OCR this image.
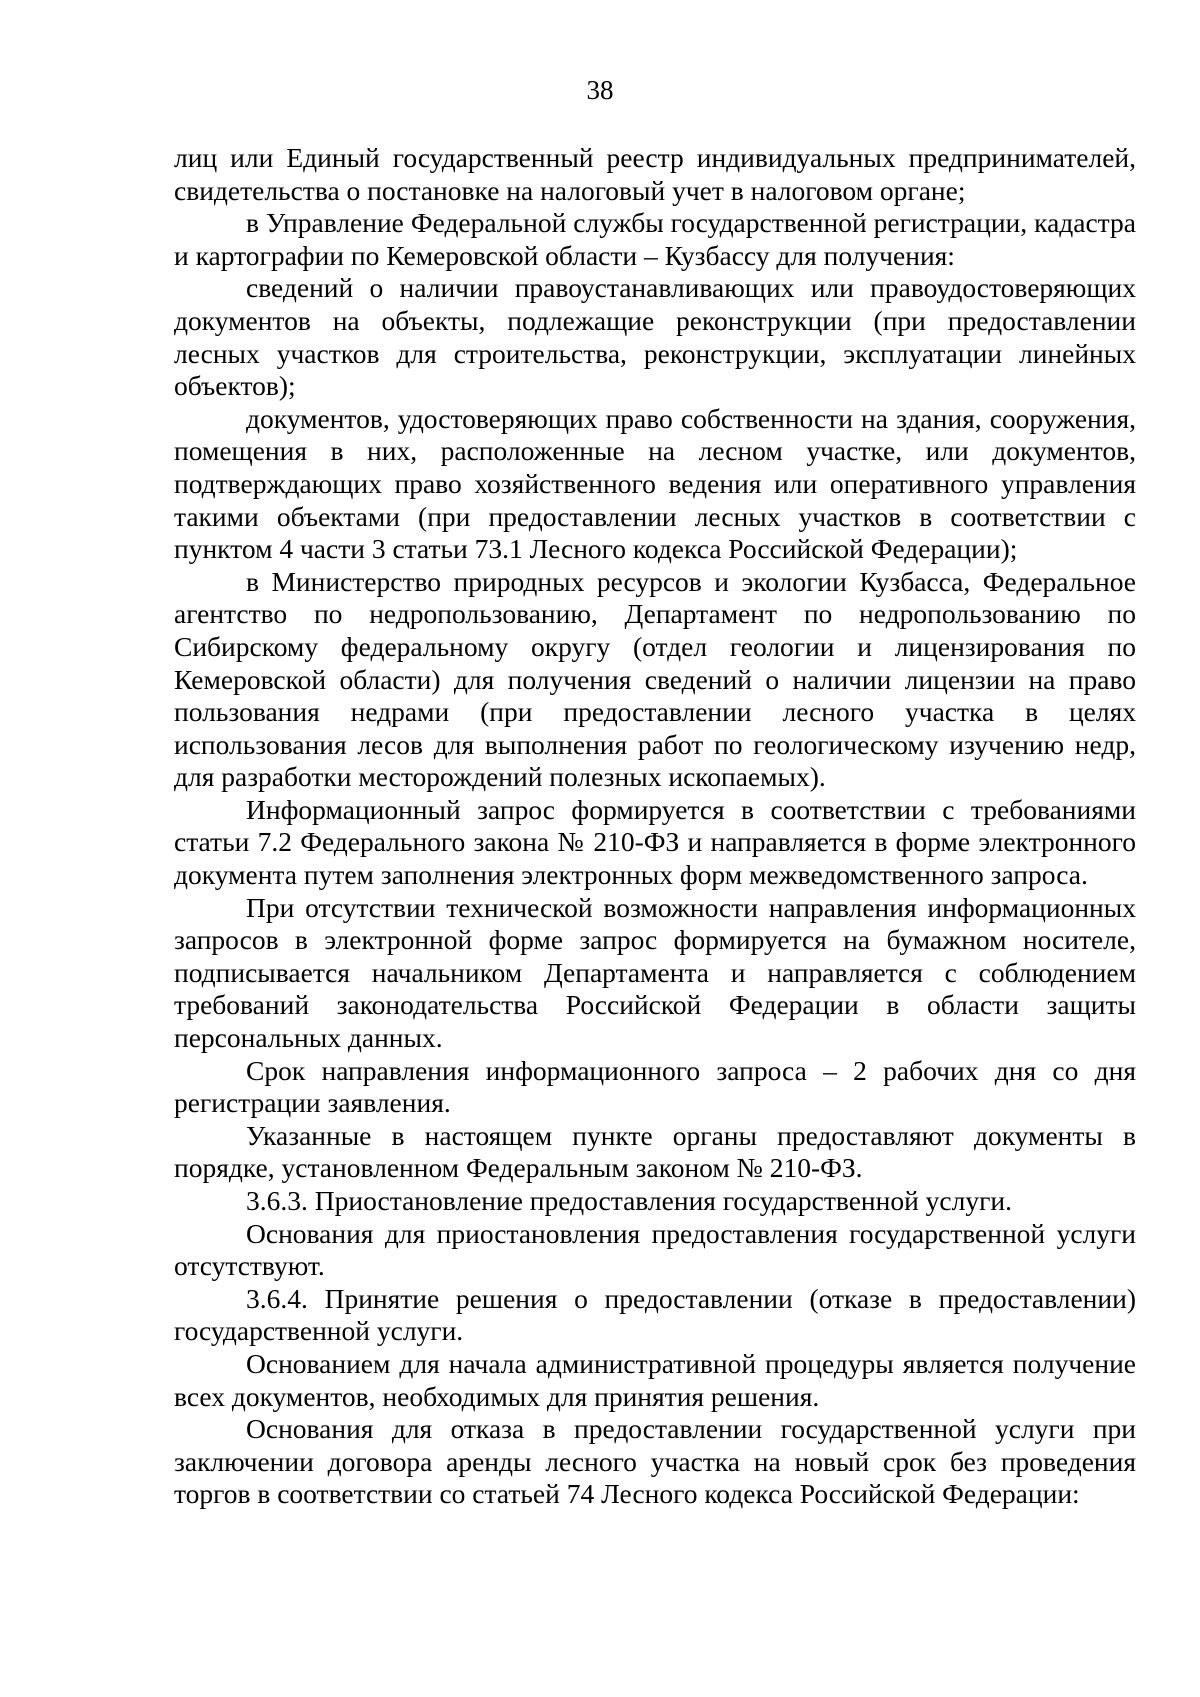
38

лиц или Единый государственный реестр индивидуальных предпринимателей, свидетельства о постановке на налоговый учет в налоговом органе;

в Управление Федеральной службы государственной регистрации, кадастра и картографии по Кемеровской области – Кузбассу для получения:

сведений о наличии правоустанавливающих или правоудостоверяющих документов на объекты, подлежащие реконструкции (при предоставлении лесных участков для строительства, реконструкции, эксплуатации линейных объектов);

документов, удостоверяющих право собственности на здания, сооружения, помещения в них, расположенные на лесном участке, или документов, подтверждающих право хозяйственного ведения или оперативного управления такими объектами (при предоставлении лесных участков в соответствии с пунктом 4 части 3 статьи 73.1 Лесного кодекса Российской Федерации);

в Министерство природных ресурсов и экологии Кузбасса, Федеральное агентство по недропользованию, Департамент по недропользованию по Сибирскому федеральному округу (отдел геологии и лицензирования по Кемеровской области) для получения сведений о наличии лицензии на право пользования недрами (при предоставлении лесного участка в целях использования лесов для выполнения работ по геологическому изучению недр, для разработки месторождений полезных ископаемых).

Информационный запрос формируется в соответствии с требованиями статьи 7.2 Федерального закона № 210-ФЗ и направляется в форме электронного документа путем заполнения электронных форм межведомственного запроса.

При отсутствии технической возможности направления информационных запросов в электронной форме запрос формируется на бумажном носителе, подписывается начальником Департамента и направляется с соблюдением требований законодательства Российской Федерации в области защиты персональных данных.

Срок направления информационного запроса – 2 рабочих дня со дня регистрации заявления.

Указанные в настоящем пункте органы предоставляют документы в порядке, установленном Федеральным законом № 210-ФЗ.

3.6.3. Приостановление предоставления государственной услуги.

Основания для приостановления предоставления государственной услуги отсутствуют.

3.6.4. Принятие решения о предоставлении (отказе в предоставлении) государственной услуги.

Основанием для начала административной процедуры является получение всех документов, необходимых для принятия решения.

Основания для отказа в предоставлении государственной услуги при заключении договора аренды лесного участка на новый срок без проведения торгов в соответствии со статьей 74 Лесного кодекса Российской Федерации:
